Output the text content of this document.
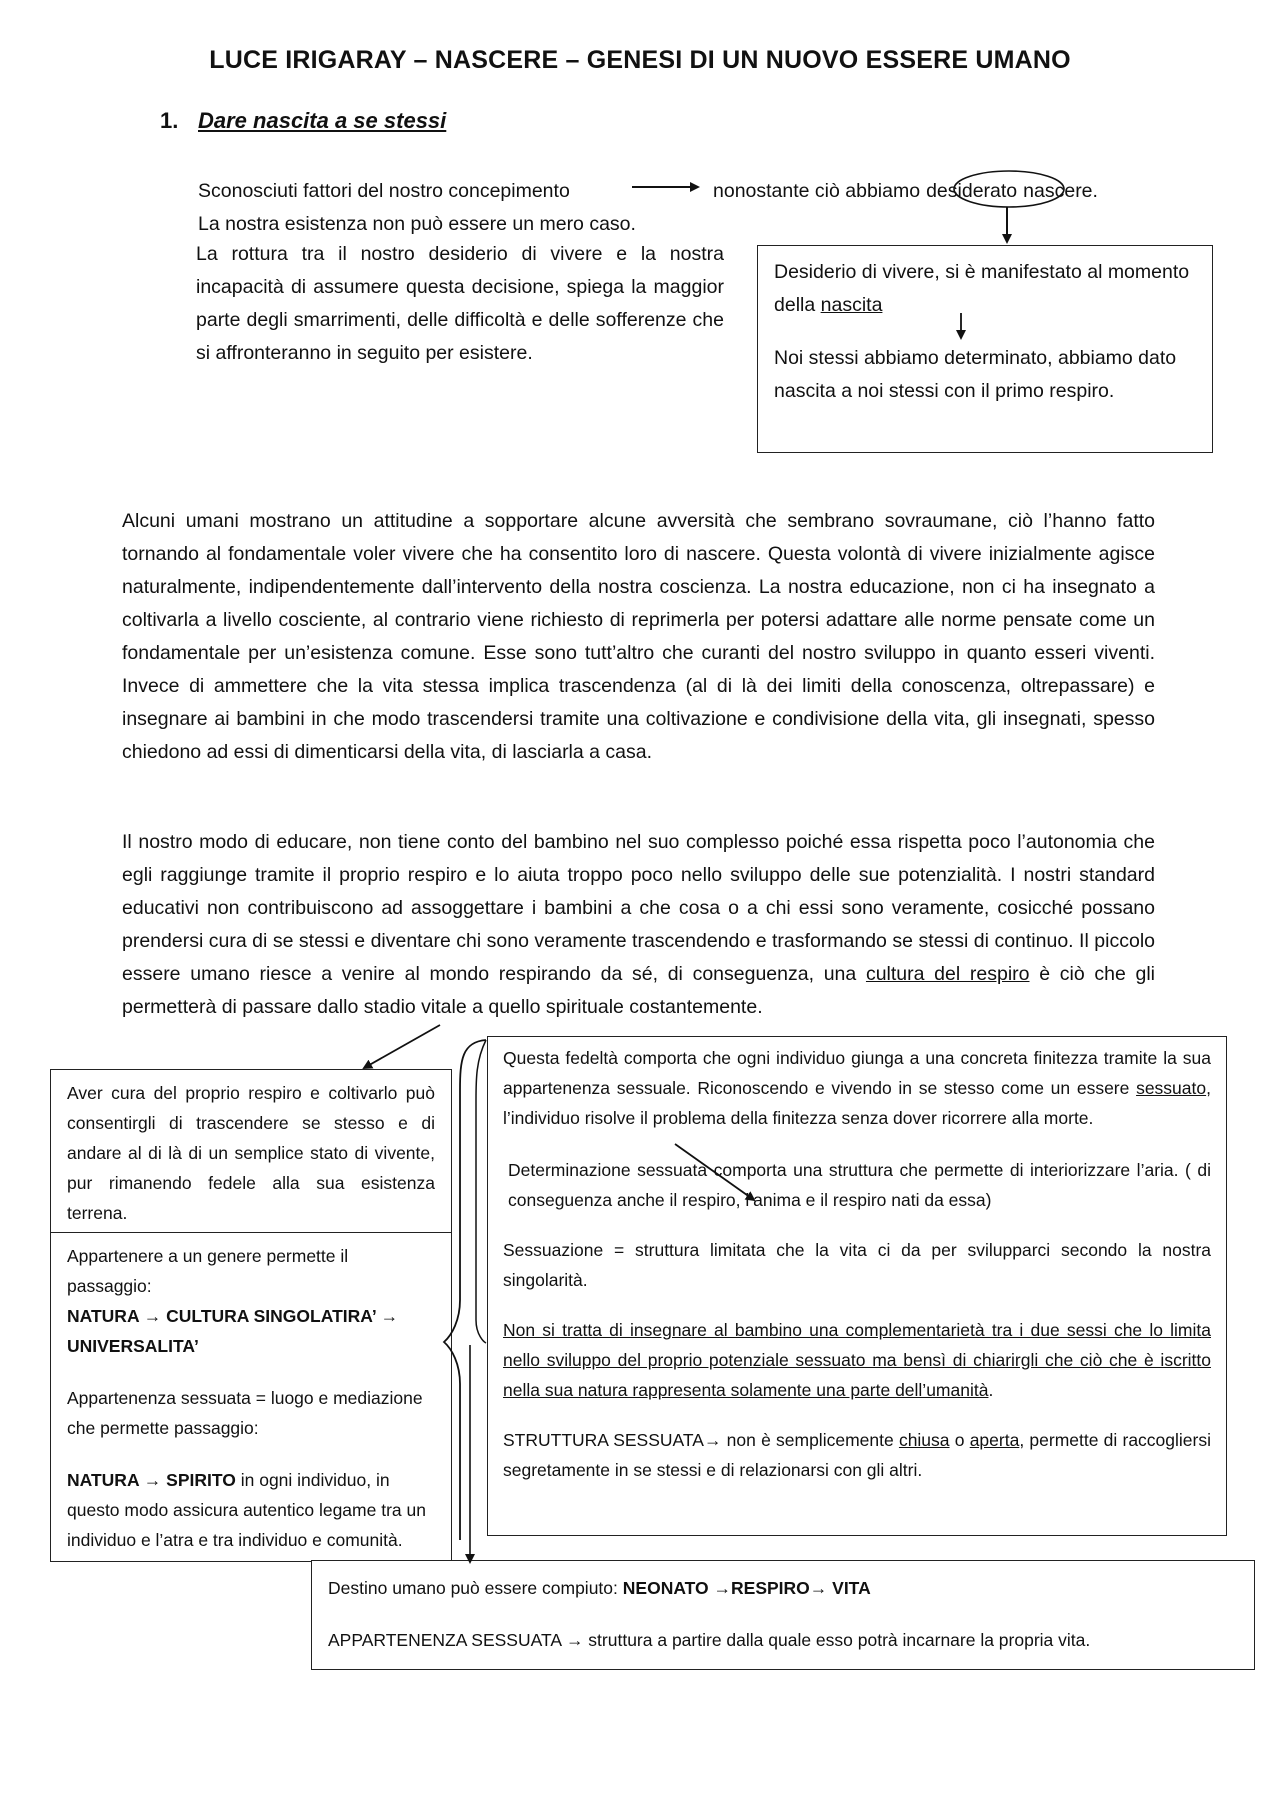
LUCE IRIGARAY – NASCERE – GENESI DI UN NUOVO ESSERE UMANO
1. Dare nascita a se stessi
Sconosciuti fattori del nostro concepimento	nonostante ciò abbiamo desiderato nascere.
La nostra esistenza non può essere un mero caso.
La rottura tra il nostro desiderio di vivere e la nostra incapacità di assumere questa decisione, spiega la maggior parte degli smarrimenti, delle difficoltà e delle sofferenze che si affronteranno in seguito per esistere.

Desiderio di vivere, si è manifestato al momento della nascita

Noi stessi abbiamo determinato, abbiamo dato nascita a noi stessi con il primo respiro.

Alcuni umani mostrano un attitudine a sopportare alcune avversità che sembrano sovraumane, ciò l’hanno fatto tornando al fondamentale voler vivere che ha consentito loro di nascere. Questa volontà di vivere inizialmente agisce naturalmente, indipendentemente dall’intervento della nostra coscienza. La nostra educazione, non ci ha insegnato a coltivarla a livello cosciente, al contrario viene richiesto di reprimerla per potersi adattare alle norme pensate come un fondamentale per un’esistenza comune. Esse sono tutt’altro che curanti del nostro sviluppo in quanto esseri viventi. Invece di ammettere che la vita stessa implica trascendenza (al di là dei limiti della conoscenza, oltrepassare) e insegnare ai bambini in che modo trascendersi tramite una coltivazione e condivisione della vita, gli insegnati, spesso chiedono ad essi di dimenticarsi della vita, di lasciarla a casa.
Il nostro modo di educare, non tiene conto del bambino nel suo complesso poiché essa rispetta poco l’autonomia che egli raggiunge tramite il proprio respiro e lo aiuta troppo poco nello sviluppo delle sue potenzialità. I nostri standard educativi non contribuiscono ad assoggettare i bambini a che cosa o a chi essi sono veramente, cosicché possano prendersi cura di se stessi e diventare chi sono veramente trascendendo e trasformando se stessi di continuo. Il piccolo essere umano riesce a venire al mondo respirando da sé, di conseguenza, una cultura del respiro è ciò che gli permetterà di passare dallo stadio vitale a quello spirituale costantemente.
Aver cura del proprio respiro e coltivarlo può consentirgli di trascendere se stesso e di andare al di là di un semplice stato di vivente, pur rimanendo fedele alla sua esistenza terrena.

Appartenere a un genere permette il passaggio:
NATURA → CULTURA SINGOLATIRA’ → UNIVERSALITA’

Appartenenza sessuata = luogo e mediazione che permette passaggio:

NATURA → SPIRITO in ogni individuo, in questo modo assicura autentico legame tra un individuo e l’atra e tra individuo e comunità.

Questa fedeltà comporta che ogni individuo giunga a una concreta finitezza tramite la sua appartenenza sessuale. Riconoscendo e vivendo in se stesso come un essere sessuato, l’individuo risolve il problema della finitezza senza dover ricorrere alla morte.

Determinazione sessuata comporta una struttura che permette di interiorizzare l’aria. ( di conseguenza anche il respiro, l’anima e il respiro nati da essa)

Sessuazione = struttura limitata che la vita ci da per svilupparci secondo la nostra singolarità.

Non si tratta di insegnare al bambino una complementarietà tra i due sessi che lo limita nello sviluppo del proprio potenziale sessuato ma bensì di chiarirgli che ciò che è iscritto nella sua natura rappresenta solamente una parte dell’umanità.

STRUTTURA SESSUATA→ non è semplicemente chiusa o aperta, permette di raccogliersi segretamente in se stessi e di relazionarsi con gli altri.

Destino umano può essere compiuto: NEONATO →RESPIRO→ VITA

APPARTENENZA SESSUATA → struttura a partire dalla quale esso potrà incarnare la propria vita.
